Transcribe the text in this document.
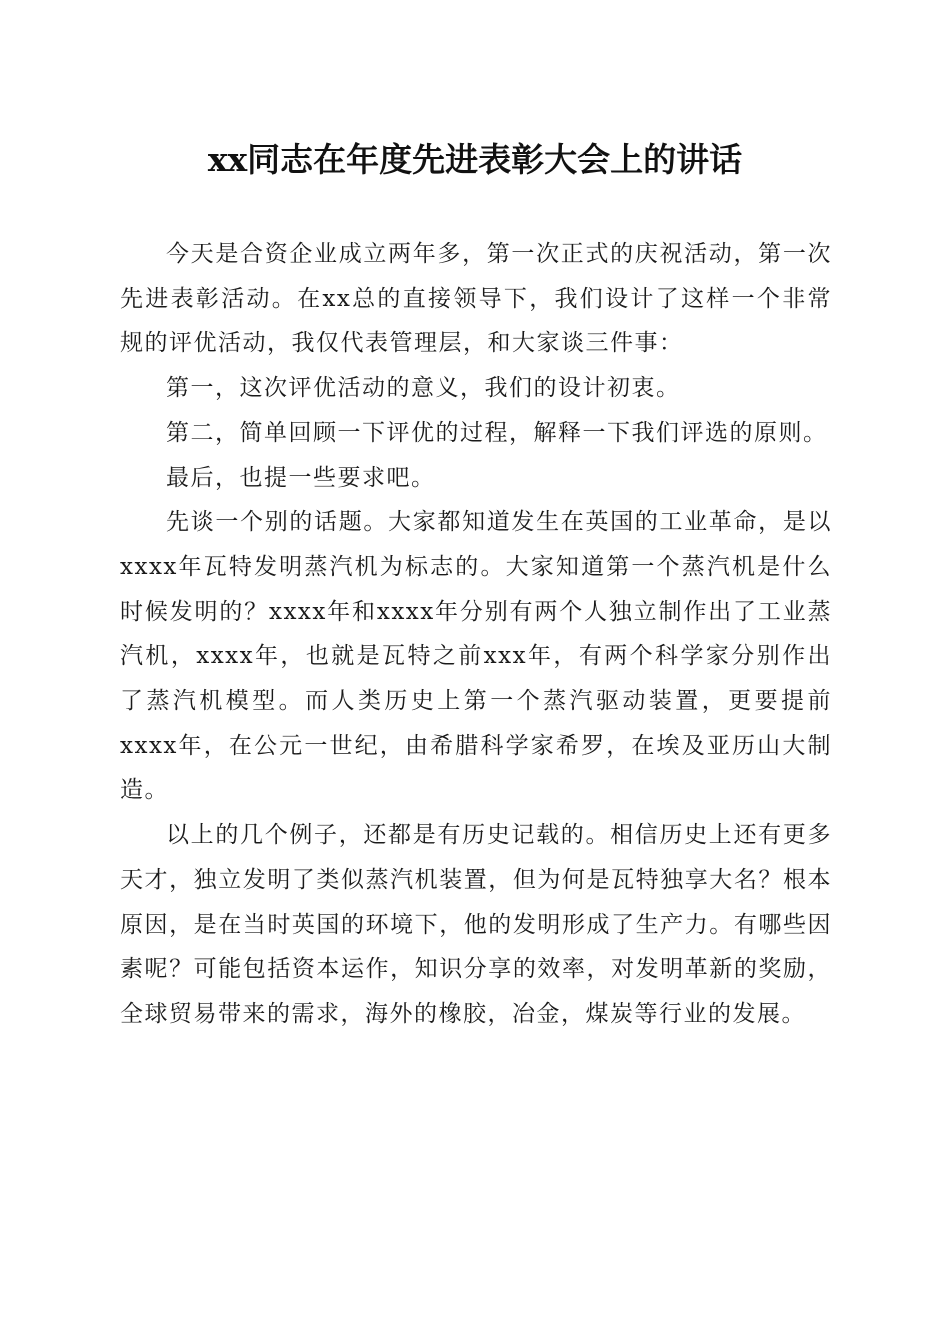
xx同志在年度先进表彰大会上的讲话

今天是合资企业成立两年多，第一次正式的庆祝活动，第一次先进表彰活动。在xx总的直接领导下，我们设计了这样一个非常规的评优活动，我仅代表管理层，和大家谈三件事：

第一，这次评优活动的意义，我们的设计初衷。

第二，简单回顾一下评优的过程，解释一下我们评选的原则。

最后，也提一些要求吧。

先谈一个别的话题。大家都知道发生在英国的工业革命，是以xxxx年瓦特发明蒸汽机为标志的。大家知道第一个蒸汽机是什么时候发明的？xxxx年和xxxx年分别有两个人独立制作出了工业蒸汽机，xxxx年，也就是瓦特之前xxx年，有两个科学家分别作出了蒸汽机模型。而人类历史上第一个蒸汽驱动装置，更要提前xxxx年，在公元一世纪，由希腊科学家希罗，在埃及亚历山大制造。

以上的几个例子，还都是有历史记载的。相信历史上还有更多天才，独立发明了类似蒸汽机装置，但为何是瓦特独享大名？根本原因，是在当时英国的环境下，他的发明形成了生产力。有哪些因素呢？可能包括资本运作，知识分享的效率，对发明革新的奖励，全球贸易带来的需求，海外的橡胶，冶金，煤炭等行业的发展。
